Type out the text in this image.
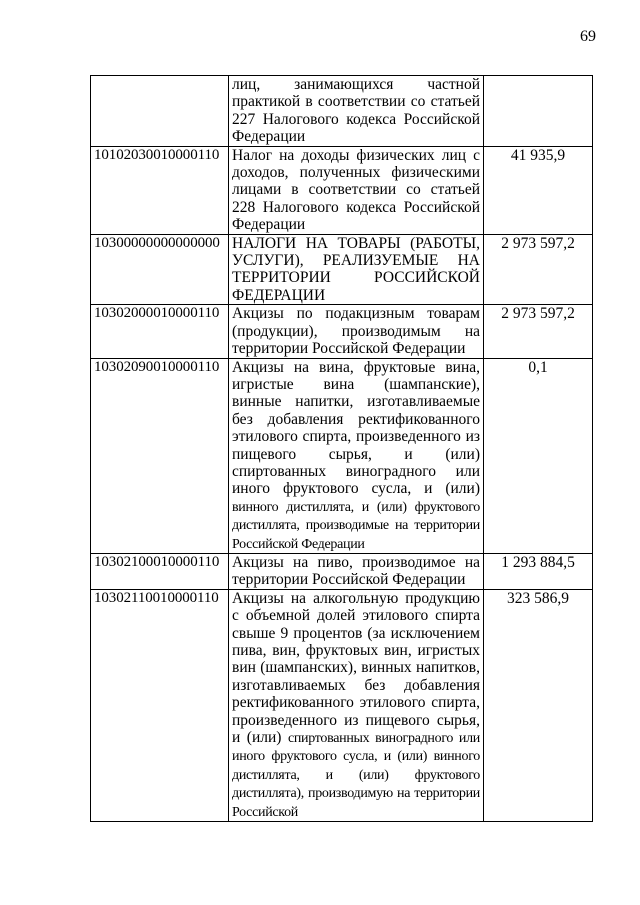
69
	лиц, занимающихся частной практикой в соответствии со статьей 227 Налогового кодекса Российской Федерации	
10102030010000110	Налог на доходы физических лиц с доходов, полученных физическими лицами в соответствии со статьей 228 Налогового кодекса Российской Федерации	41 935,9
10300000000000000	НАЛОГИ НА ТОВАРЫ (РАБОТЫ, УСЛУГИ), РЕАЛИЗУЕМЫЕ НА ТЕРРИТОРИИ РОССИЙСКОЙ ФЕДЕРАЦИИ	2 973 597,2
10302000010000110	Акцизы по подакцизным товарам (продукции), производимым на территории Российской Федерации	2 973 597,2
10302090010000110	Акцизы на вина, фруктовые вина, игристые вина (шампанские), винные напитки, изготавливаемые без добавления ректификованного этилового спирта, произведенного из пищевого сырья, и (или) спиртованных виноградного или иного фруктового сусла, и (или) винного дистиллята, и (или) фруктового дистиллята, производимые на территории Российской Федерации	0,1
10302100010000110	Акцизы на пиво, производимое на территории Российской Федерации	1 293 884,5
10302110010000110	Акцизы на алкогольную продукцию с объемной долей этилового спирта свыше 9 процентов (за исключением пива, вин, фруктовых вин, игристых вин (шампанских), винных напитков, изготавливаемых без добавления ректификованного этилового спирта, произведенного из пищевого сырья, и (или) спиртованных виноградного или иного фруктового сусла, и (или) винного дистиллята, и (или) фруктового дистиллята), производимую на территории Российской	323 586,9
